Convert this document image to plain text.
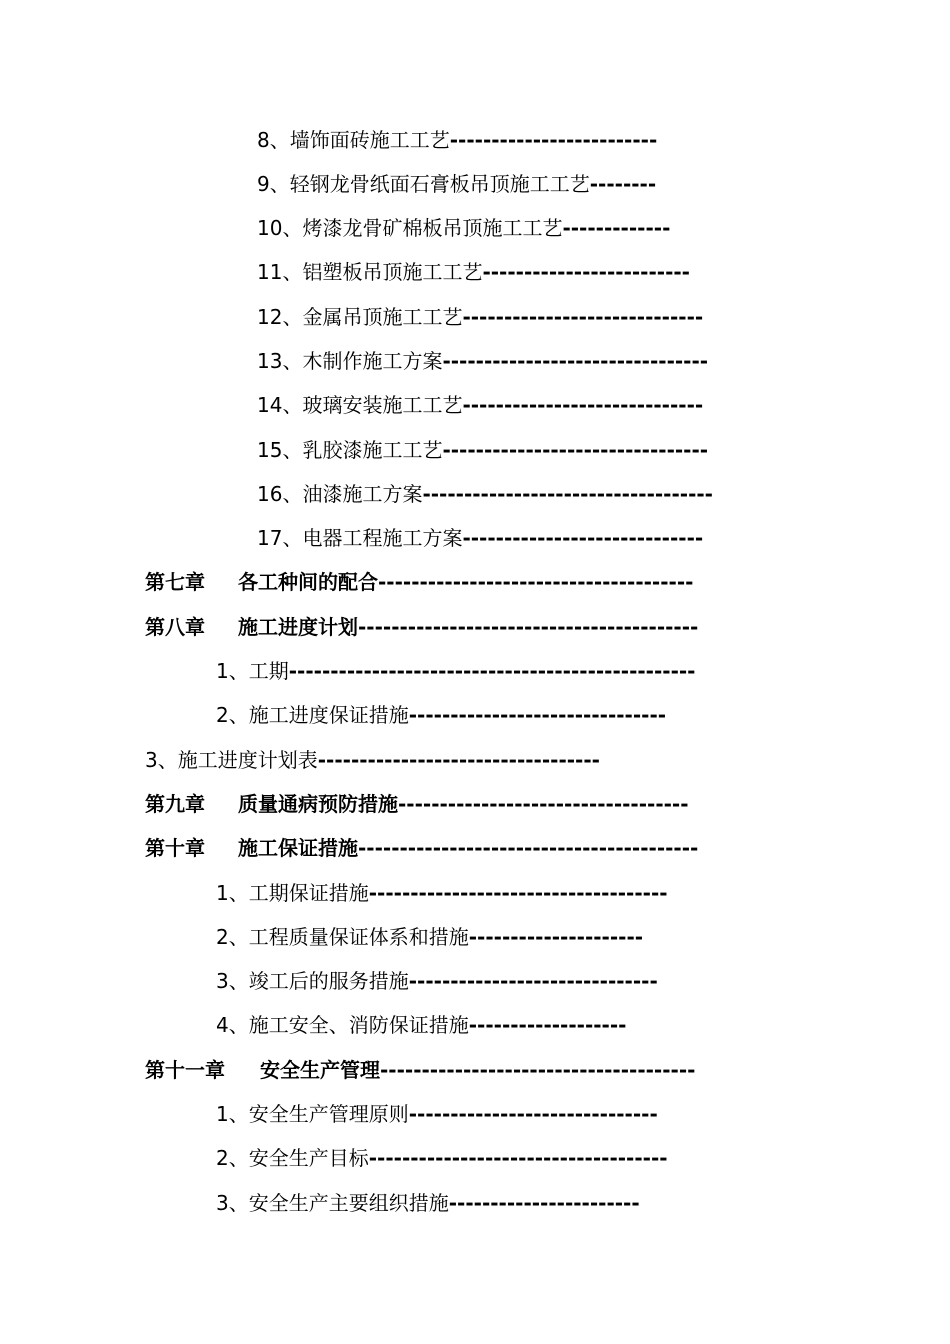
8、墙饰面砖施工工艺 -------------------------
9、轻钢龙骨纸面石膏板吊顶施工工艺 --------
10、烤漆龙骨矿棉板吊顶施工工艺 -------------
11、铝塑板吊顶施工工艺 -------------------------
12、金属吊顶施工工艺 -----------------------------
13、木制作施工方案 --------------------------------
14、玻璃安装施工工艺 -----------------------------
15、乳胶漆施工工艺 --------------------------------
16、油漆施工方案 -----------------------------------
17、电器工程施工方案 -----------------------------
第七章	各工种间的配合 --------------------------------------
第八章	施工进度计划 -----------------------------------------
1、工期 -------------------------------------------------
2、施工进度保证措施 -------------------------------
3、施工进度计划表 ----------------------------------
第九章	质量通病预防措施 -----------------------------------
第十章	施工保证措施 -----------------------------------------
1、工期保证措施 ------------------------------------
2、工程质量保证体系和措施 ---------------------
3、竣工后的服务措施 ------------------------------
4、施工安全、消防保证措施 -------------------
第十一章	安全生产管理 --------------------------------------
1、安全生产管理原则 ------------------------------
2、安全生产目标 ------------------------------------
3、安全生产主要组织措施 -----------------------
